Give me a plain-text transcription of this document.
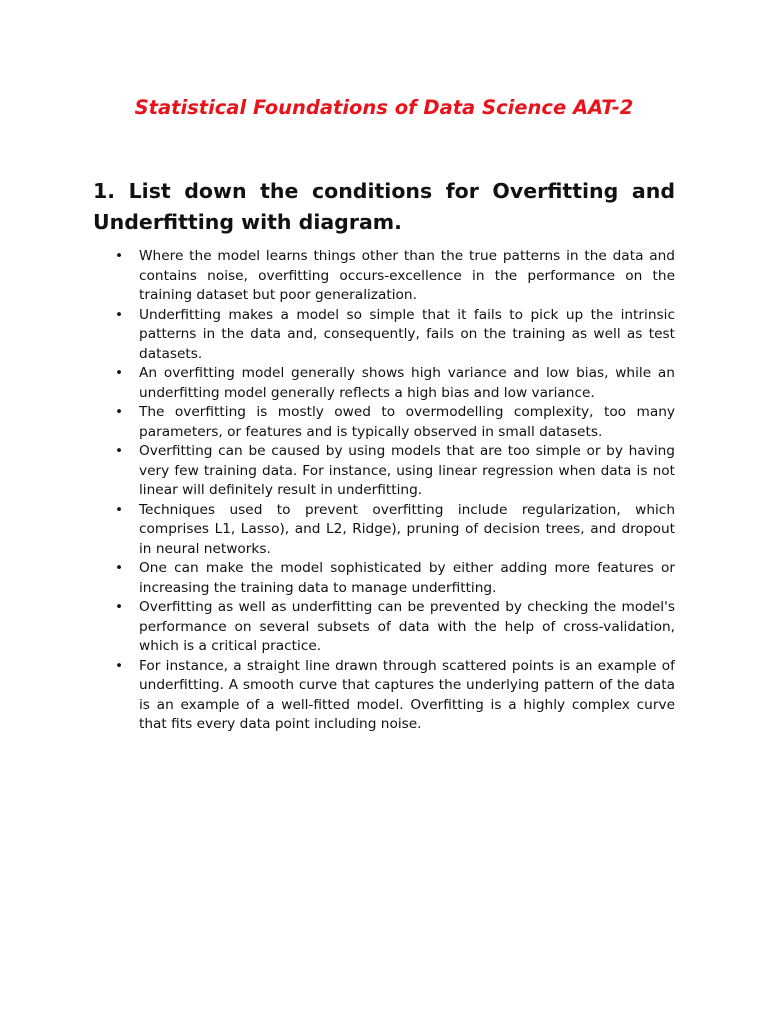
Statistical Foundations of Data Science AAT-2
1. List down the conditions for Overfitting and Underfitting with diagram.
• Where the model learns things other than the true patterns in the data and contains noise, overfitting occurs-excellence in the performance on the training dataset but poor generalization.
• Underfitting makes a model so simple that it fails to pick up the intrinsic patterns in the data and, consequently, fails on the training as well as test datasets.
• An overfitting model generally shows high variance and low bias, while an underfitting model generally reflects a high bias and low variance.
• The overfitting is mostly owed to overmodelling complexity, too many parameters, or features and is typically observed in small datasets.
• Overfitting can be caused by using models that are too simple or by having very few training data. For instance, using linear regression when data is not linear will definitely result in underfitting.
• Techniques used to prevent overfitting include regularization, which comprises L1, Lasso), and L2, Ridge), pruning of decision trees, and dropout in neural networks.
• One can make the model sophisticated by either adding more features or increasing the training data to manage underfitting.
• Overfitting as well as underfitting can be prevented by checking the model's performance on several subsets of data with the help of cross-validation, which is a critical practice.
• For instance, a straight line drawn through scattered points is an example of underfitting. A smooth curve that captures the underlying pattern of the data is an example of a well-fitted model. Overfitting is a highly complex curve that fits every data point including noise.
